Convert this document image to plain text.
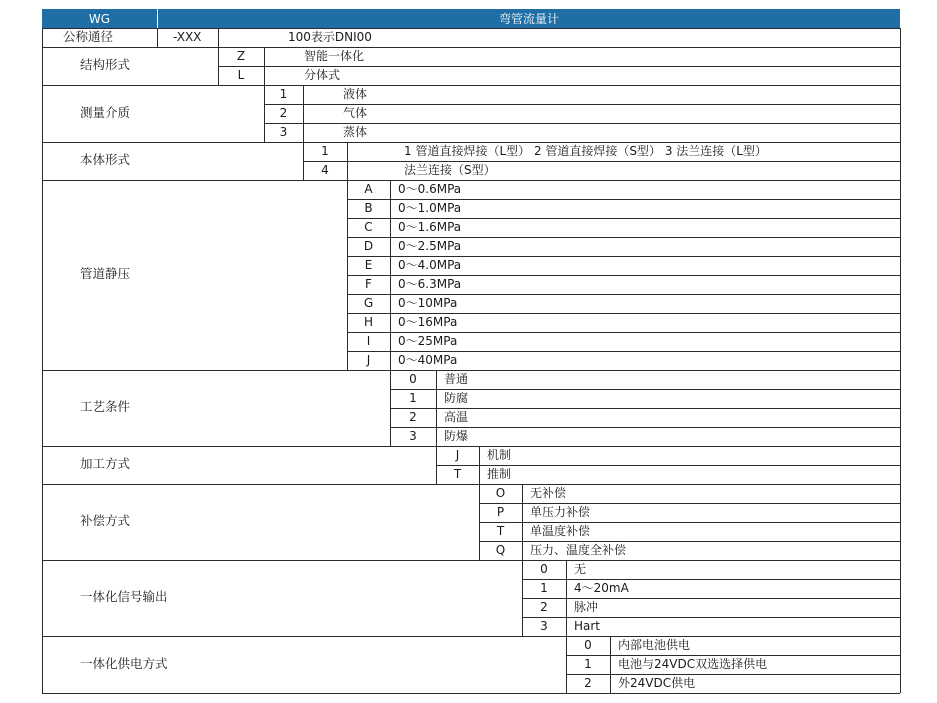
WG	弯管流量计
公称通径	-XXX	100表示DNI00
结构形式
Z	智能一体化
L	分体式
测量介质
1	液体
2	气体
3	蒸体
本体形式
1	1 管道直接焊接（L型） 2 管道直接焊接（S型） 3 法兰连接（L型）
4	法兰连接（S型）
管道静压
A	0～0.6MPa
B	0～1.0MPa
C	0～1.6MPa
D	0～2.5MPa
E	0～4.0MPa
F	0～6.3MPa
G	0～10MPa
H	0～16MPa
I	0～25MPa
J	0～40MPa
工艺条件
0	普通
1	防腐
2	高温
3	防爆
加工方式
J	机制
T	推制
补偿方式
O	无补偿
P	单压力补偿
T	单温度补偿
Q	压力、温度全补偿
一体化信号输出
0	无
1	4～20mA
2	脉冲
3	Hart
一体化供电方式
0	内部电池供电
1	电池与24VDC双选选择供电
2	外24VDC供电
